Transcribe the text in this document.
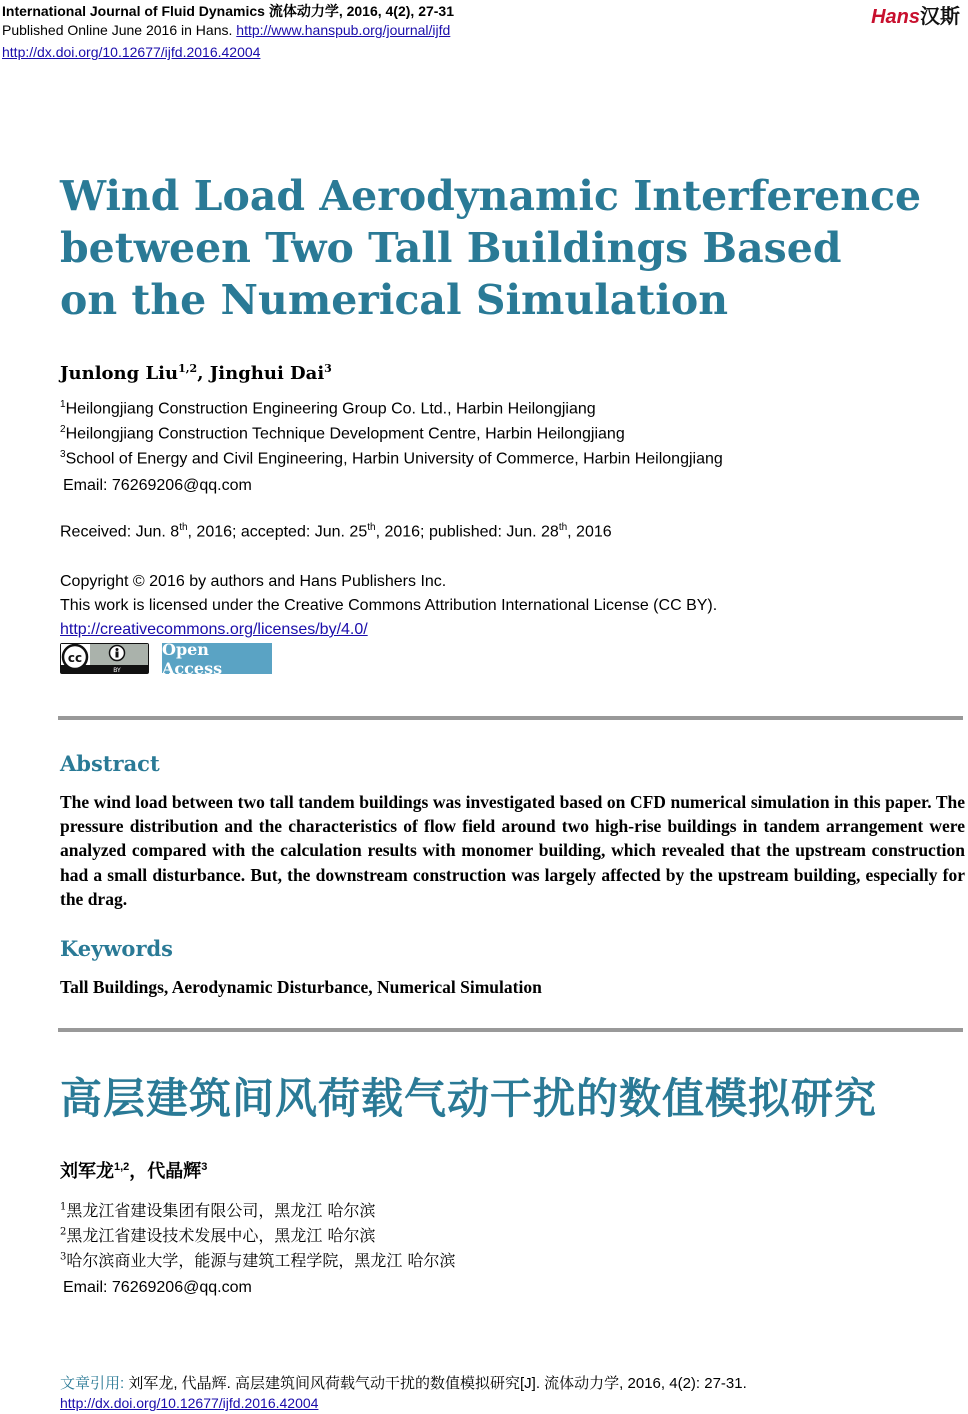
International Journal of Fluid Dynamics 流体动力学, 2016, 4(2), 27-31
Published Online June 2016 in Hans. http://www.hanspub.org/journal/ijfd
http://dx.doi.org/10.12677/ijfd.2016.42004
Hans汉斯
Wind Load Aerodynamic Interference
between Two Tall Buildings Based
on the Numerical Simulation
Junlong Liu$^{1,2}$, Jinghui Dai$^3$
$^1$Heilongjiang Construction Engineering Group Co. Ltd., Harbin Heilongjiang
$^2$Heilongjiang Construction Technique Development Centre, Harbin Heilongjiang
$^3$School of Energy and Civil Engineering, Harbin University of Commerce, Harbin Heilongjiang
Email: 76269206@qq.com
Received: Jun. 8th, 2016; accepted: Jun. 25th, 2016; published: Jun. 28th, 2016
Copyright © 2016 by authors and Hans Publishers Inc.
This work is licensed under the Creative Commons Attribution International License (CC BY).
http://creativecommons.org/licenses/by/4.0/
cc
BY
Open Access
Abstract
The wind load between two tall tandem buildings was investigated based on CFD numerical simulation in this paper. The pressure distribution and the characteristics of flow field around two high-rise buildings in tandem arrangement were analyzed compared with the calculation results with monomer building, which revealed that the upstream construction had a small disturbance. But, the downstream construction was largely affected by the upstream building, especially for the drag.
Keywords
Tall Buildings, Aerodynamic Disturbance, Numerical Simulation
高层建筑间风荷载气动干扰的数值模拟研究
刘军龙$^{1,2}$，代晶辉$^3$
$^1$黑龙江省建设集团有限公司，黑龙江 哈尔滨
$^2$黑龙江省建设技术发展中心，黑龙江 哈尔滨
$^3$哈尔滨商业大学，能源与建筑工程学院，黑龙江 哈尔滨
Email: 76269206@qq.com
文章引用: 刘军龙, 代晶辉. 高层建筑间风荷载气动干扰的数值模拟研究[J]. 流体动力学, 2016, 4(2): 27-31.
http://dx.doi.org/10.12677/ijfd.2016.42004
